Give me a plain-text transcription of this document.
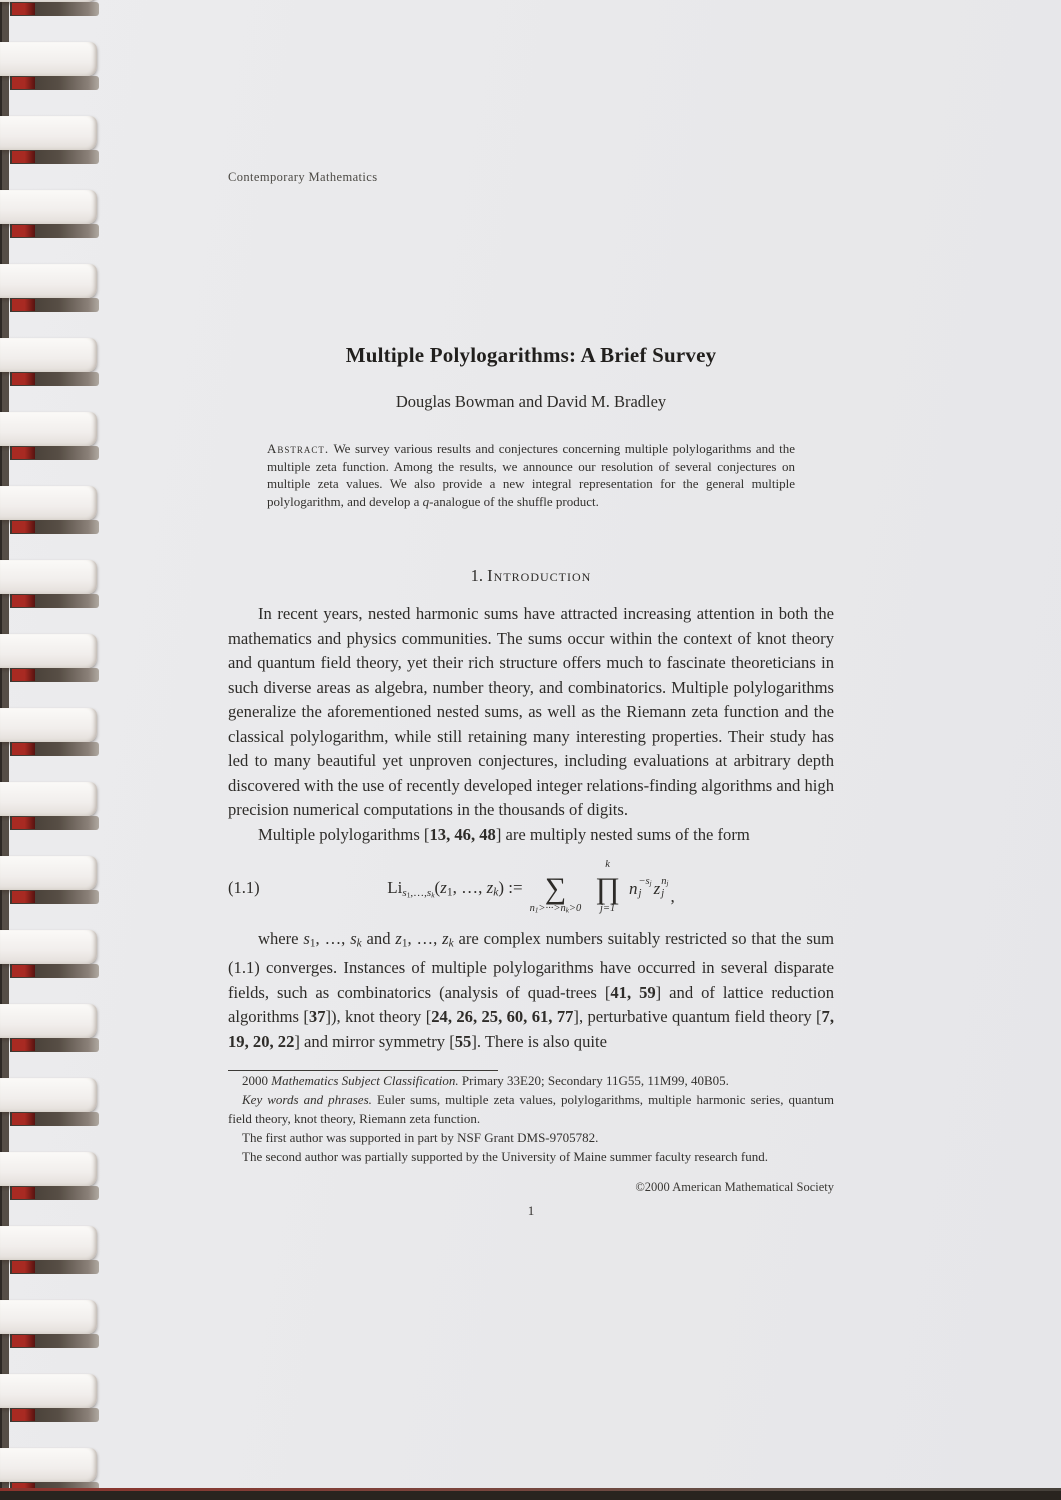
Contemporary Mathematics
Multiple Polylogarithms: A Brief Survey
Douglas Bowman and David M. Bradley
Abstract. We survey various results and conjectures concerning multiple polylogarithms and the multiple zeta function. Among the results, we announce our resolution of several conjectures on multiple zeta values. We also provide a new integral representation for the general multiple polylogarithm, and develop a q-analogue of the shuffle product.
1. Introduction

In recent years, nested harmonic sums have attracted increasing attention in both the mathematics and physics communities. The sums occur within the context of knot theory and quantum field theory, yet their rich structure offers much to fascinate theoreticians in such diverse areas as algebra, number theory, and combinatorics. Multiple polylogarithms generalize the aforementioned nested sums, as well as the Riemann zeta function and the classical polylogarithm, while still retaining many interesting properties. Their study has led to many beautiful yet unproven conjectures, including evaluations at arbitrary depth discovered with the use of recently developed integer relations-finding algorithms and high precision numerical computations in the thousands of digits.

Multiple polylogarithms [13, 46, 48] are multiply nested sums of the form

(1.1)	Lis1,…,sk(z1, …, zk) := ∑
n1>···>nk>0
k
∏
j=1
n −sj
j z nj
j ,

where s1, …, sk and z1, …, zk are complex numbers suitably restricted so that the sum (1.1) converges. Instances of multiple polylogarithms have occurred in several disparate fields, such as combinatorics (analysis of quad-trees [41, 59] and of lattice reduction algorithms [37]), knot theory [24, 26, 25, 60, 61, 77], perturbative quantum field theory [7, 19, 20, 22] and mirror symmetry [55]. There is also quite

2000 Mathematics Subject Classification. Primary 33E20; Secondary 11G55, 11M99, 40B05.

Key words and phrases. Euler sums, multiple zeta values, polylogarithms, multiple harmonic series, quantum field theory, knot theory, Riemann zeta function.

The first author was supported in part by NSF Grant DMS-9705782.

The second author was partially supported by the University of Maine summer faculty research fund.

©2000 American Mathematical Society
1
